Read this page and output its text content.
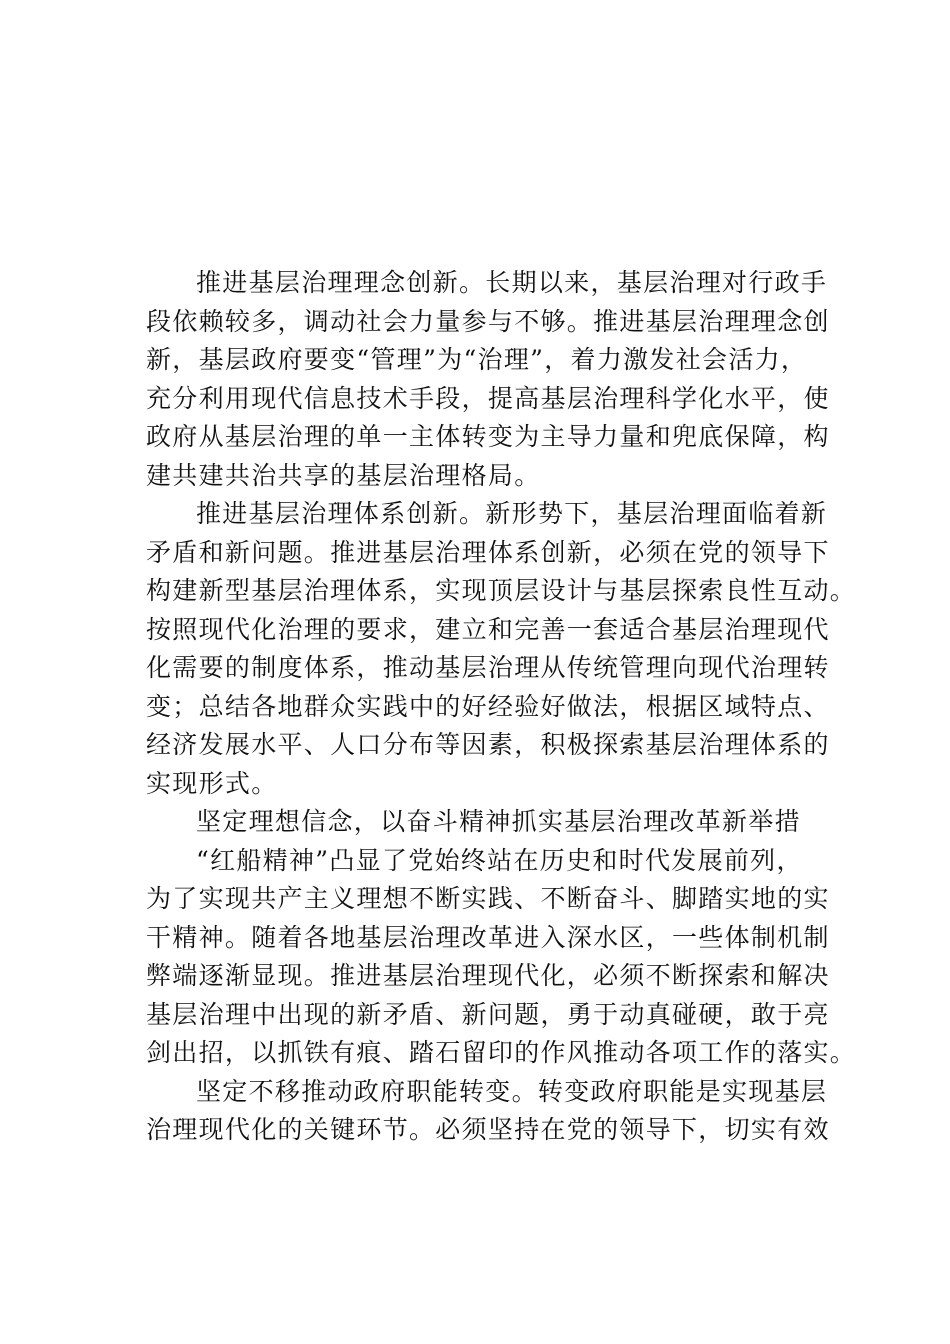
推进基层治理理念创新。长期以来，基层治理对行政手
段依赖较多，调动社会力量参与不够。推进基层治理理念创
新，基层政府要变“管理”为“治理”，着力激发社会活力，
充分利用现代信息技术手段，提高基层治理科学化水平，使
政府从基层治理的单一主体转变为主导力量和兜底保障，构
建共建共治共享的基层治理格局。
推进基层治理体系创新。新形势下，基层治理面临着新
矛盾和新问题。推进基层治理体系创新，必须在党的领导下
构建新型基层治理体系，实现顶层设计与基层探索良性互动。
按照现代化治理的要求，建立和完善一套适合基层治理现代
化需要的制度体系，推动基层治理从传统管理向现代治理转
变；总结各地群众实践中的好经验好做法，根据区域特点、
经济发展水平、人口分布等因素，积极探索基层治理体系的
实现形式。
坚定理想信念，以奋斗精神抓实基层治理改革新举措
“红船精神”凸显了党始终站在历史和时代发展前列，
为了实现共产主义理想不断实践、不断奋斗、脚踏实地的实
干精神。随着各地基层治理改革进入深水区，一些体制机制
弊端逐渐显现。推进基层治理现代化，必须不断探索和解决
基层治理中出现的新矛盾、新问题，勇于动真碰硬，敢于亮
剑出招，以抓铁有痕、踏石留印的作风推动各项工作的落实。
坚定不移推动政府职能转变。转变政府职能是实现基层
治理现代化的关键环节。必须坚持在党的领导下，切实有效
